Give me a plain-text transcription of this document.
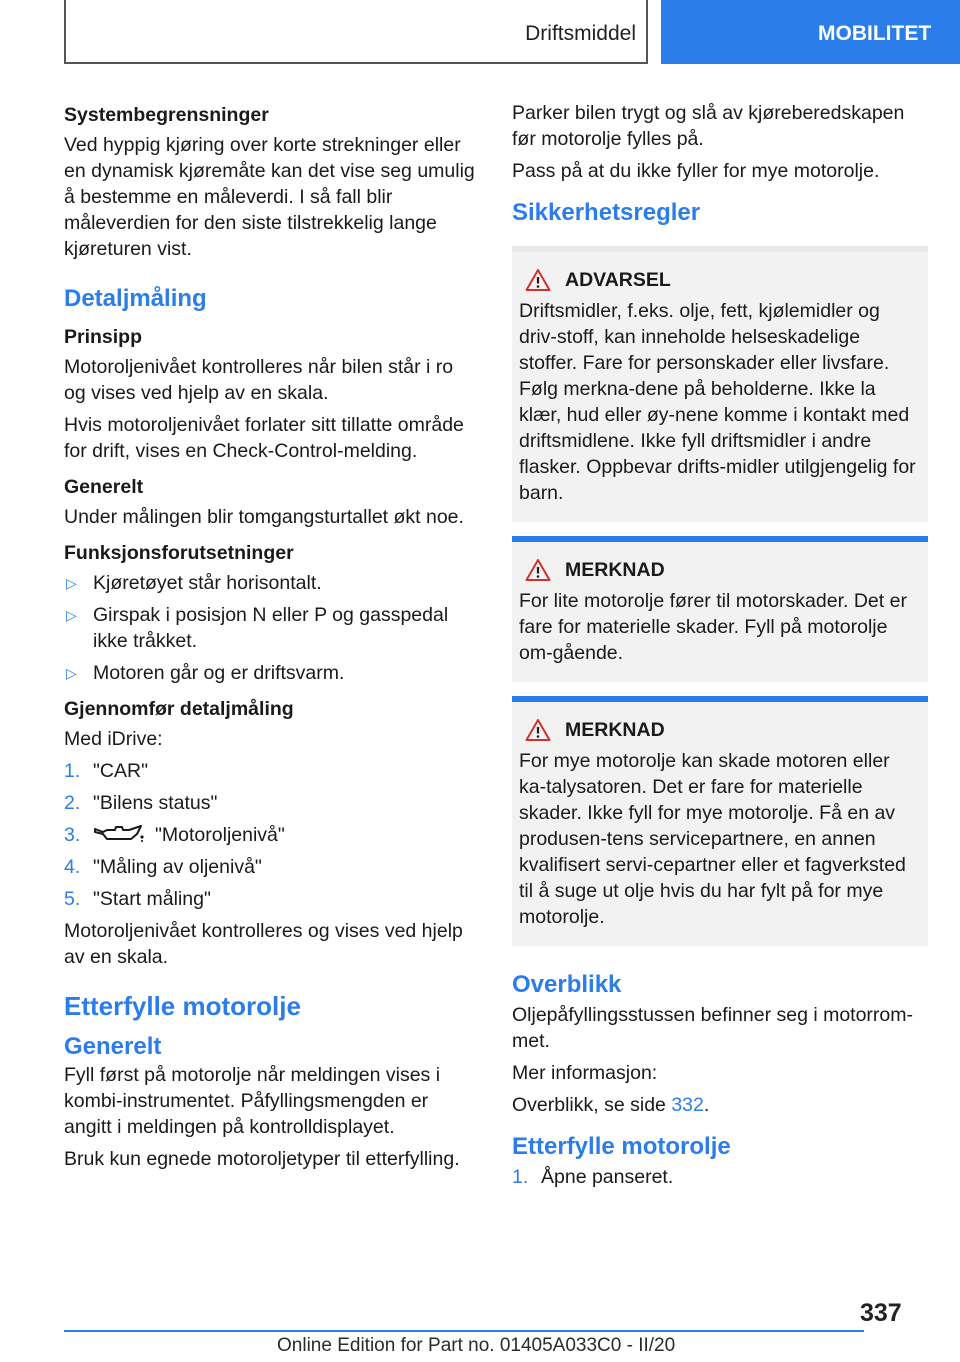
Driftsmiddel	MOBILITET
Systembegrensninger

Ved hyppig kjøring over korte strekninger eller en dynamisk kjøremåte kan det vise seg umulig å bestemme en måleverdi. I så fall blir måleverdien for den siste tilstrekkelig lange kjøreturen vist.

Detaljmåling
Prinsipp

Motoroljenivået kontrolleres når bilen står i ro og vises ved hjelp av en skala.

Hvis motoroljenivået forlater sitt tillatte område for drift, vises en Check-Control-melding.

Generelt

Under målingen blir tomgangsturtallet økt noe.

Funksjonsforutsetninger
▷ Kjøretøyet står horisontalt.
▷ Girspak i posisjon N eller P og gasspedal ikke tråkket.
▷ Motoren går og er driftsvarm.
Gjennomfør detaljmåling

Med iDrive:

1. "CAR"
2. "Bilens status"
3.	"Motoroljenivå"
4. "Måling av oljenivå"
5. "Start måling"

Motoroljenivået kontrolleres og vises ved hjelp av en skala.

Etterfylle motorolje
Generelt

Fyll først på motorolje når meldingen vises i kombi-instrumentet. Påfyllingsmengden er angitt i meldingen på kontrolldisplayet.

Bruk kun egnede motoroljetyper til etterfylling.

Parker bilen trygt og slå av kjøreberedskapen før motorolje fylles på.

Pass på at du ikke fyller for mye motorolje.

Sikkerhetsregler
ADVARSEL

Driftsmidler, f.eks. olje, fett, kjølemidler og driv-stoff, kan inneholde helseskadelige stoffer. Fare for personskader eller livsfare. Følg merkna-dene på beholderne. Ikke la klær, hud eller øy-nene komme i kontakt med driftsmidlene. Ikke fyll driftsmidler i andre flasker. Oppbevar drifts-midler utilgjengelig for barn.

MERKNAD

For lite motorolje fører til motorskader. Det er fare for materielle skader. Fyll på motorolje om-gående.

MERKNAD

For mye motorolje kan skade motoren eller ka-talysatoren. Det er fare for materielle skader. Ikke fyll for mye motorolje. Få en av produsen-tens servicepartnere, en annen kvalifisert servi-cepartner eller et fagverksted til å suge ut olje hvis du har fylt på for mye motorolje.

Overblikk

Oljepåfyllingsstussen befinner seg i motorrom-met.

Mer informasjon:

Overblikk, se side 332.

Etterfylle motorolje
1. Åpne panseret.
337
Online Edition for Part no. 01405A033C0 - II/20
